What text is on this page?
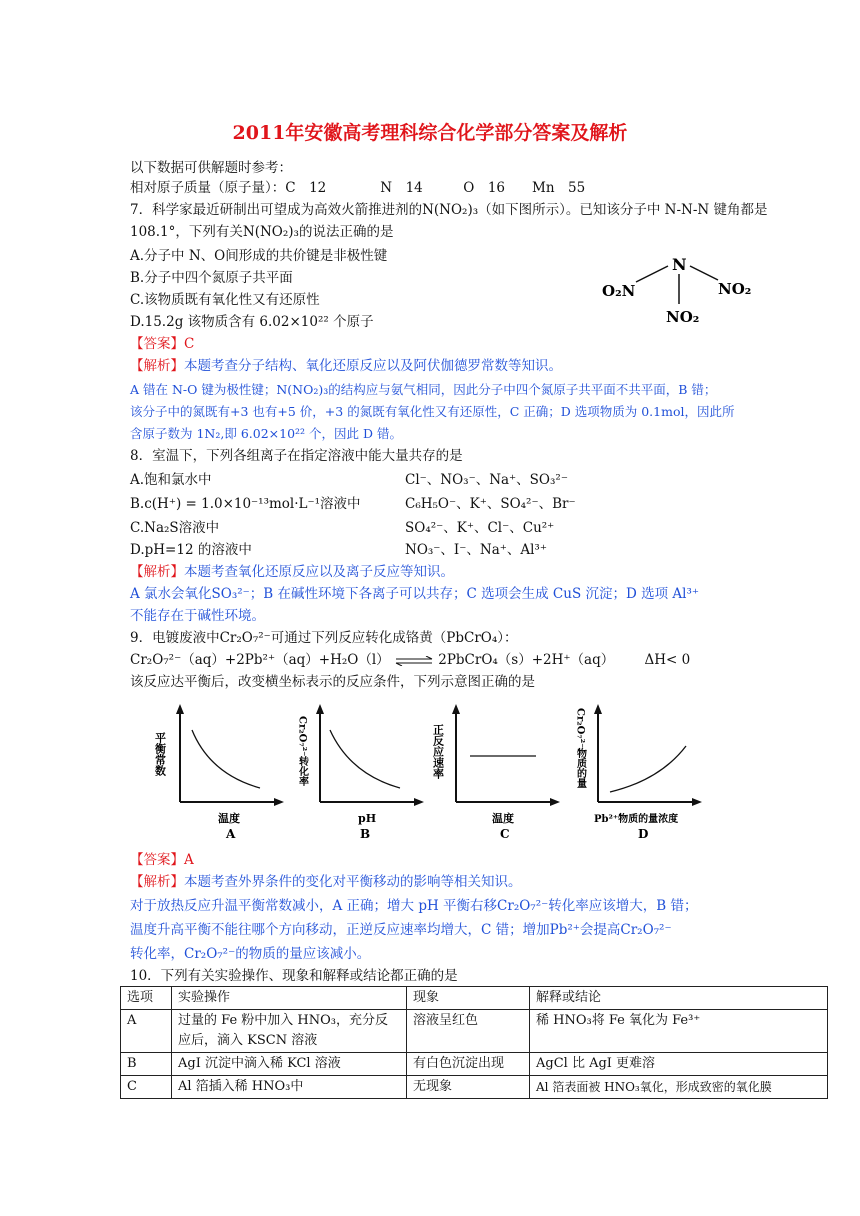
2011年安徽高考理科综合化学部分答案及解析
以下数据可供解题时参考：
相对原子质量（原子量）：C　12　　　　N　14　　　O　16　　Mn　55
7．科学家最近研制出可望成为高效火箭推进剂的N(NO₂)₃（如下图所示）。已知该分子中 N-N-N 键角都是
108.1°，下列有关N(NO₂)₃的说法正确的是
A.分子中 N、O间形成的共价键是非极性键
B.分子中四个氮原子共平面
C.该物质既有氧化性又有还原性
D.15.2g 该物质含有 6.02×10²² 个原子
N
O₂N	NO₂
NO₂
【答案】C
【解析】本题考查分子结构、氧化还原反应以及阿伏伽德罗常数等知识。
A 错在 N-O 键为极性键；N(NO₂)₃的结构应与氨气相同，因此分子中四个氮原子共平面不共平面，B 错；
该分子中的氮既有+3 也有+5 价，+3 的氮既有氧化性又有还原性，C 正确；D 选项物质为 0.1mol，因此所
含原子数为 1N₂,即 6.02×10²² 个，因此 D 错。
8．室温下，下列各组离子在指定溶液中能大量共存的是
A.饱和氯水中	Cl⁻、NO₃⁻、Na⁺、SO₃²⁻
B.c(H⁺) = 1.0×10⁻¹³mol·L⁻¹溶液中	C₆H₅O⁻、K⁺、SO₄²⁻、Br⁻
C.Na₂S溶液中	SO₄²⁻、K⁺、Cl⁻、Cu²⁺
D.pH=12 的溶液中	NO₃⁻、I⁻、Na⁺、Al³⁺
【解析】本题考查氧化还原反应以及离子反应等知识。
A 氯水会氧化SO₃²⁻；B 在碱性环境下各离子可以共存；C 选项会生成 CuS 沉淀；D 选项 Al³⁺
不能存在于碱性环境。
9．电镀废液中Cr₂O₇²⁻可通过下列反应转化成铬黄（PbCrO₄）：
Cr₂O₇²⁻（aq）+2Pb²⁺（aq）+H₂O（l） ⇌ 2PbCrO₄（s）+2H⁺（aq） ΔH< 0
该反应达平衡后，改变横坐标表示的反应条件，下列示意图正确的是
平衡常数
温度
A
Cr₂O₇²⁻转化率
pH
B
正反应速率
温度
C
Cr₂O₇²⁻物质的量
Pb²⁺物质的量浓度
D
【答案】A
【解析】本题考查外界条件的变化对平衡移动的影响等相关知识。
对于放热反应升温平衡常数减小，A 正确；增大 pH 平衡右移Cr₂O₇²⁻转化率应该增大，B 错；
温度升高平衡不能往哪个方向移动，正逆反应速率均增大，C 错；增加Pb²⁺会提高Cr₂O₇²⁻
转化率，Cr₂O₇²⁻的物质的量应该减小。
10．下列有关实验操作、现象和解释或结论都正确的是
选项	实验操作	现象	解释或结论
A	过量的 Fe 粉中加入 HNO₃，充分反应后，滴入 KSCN 溶液	溶液呈红色	稀 HNO₃将 Fe 氧化为 Fe³⁺
B	AgI 沉淀中滴入稀 KCl 溶液	有白色沉淀出现	AgCl 比 AgI 更难溶
C	Al 箔插入稀 HNO₃中	无现象	Al 箔表面被 HNO₃氧化，形成致密的氧化膜
